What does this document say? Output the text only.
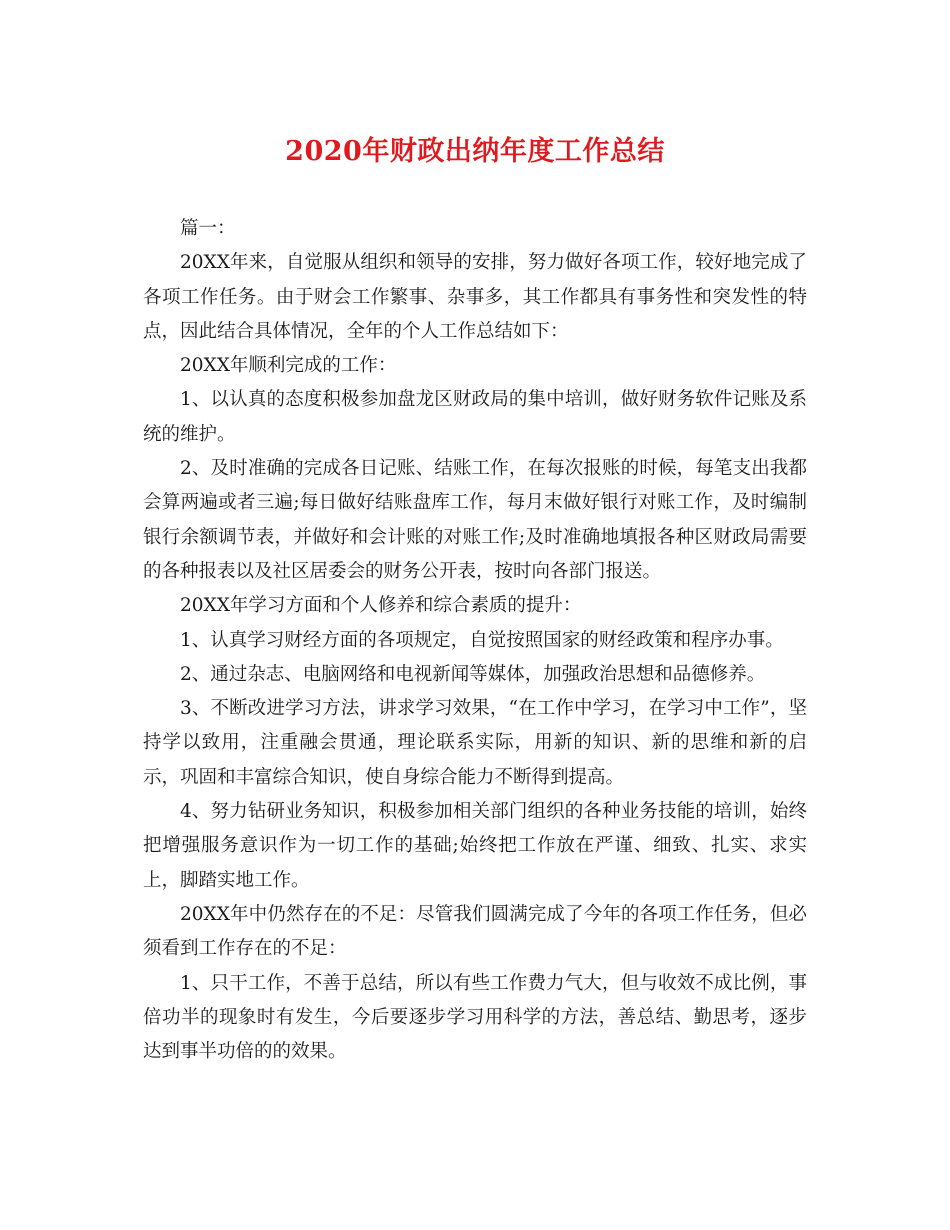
2020年财政出纳年度工作总结

篇一：

20XX年来，自觉服从组织和领导的安排，努力做好各项工作，较好地完成了各项工作任务。由于财会工作繁事、杂事多，其工作都具有事务性和突发性的特点，因此结合具体情况，全年的个人工作总结如下：

20XX年顺利完成的工作：

1、以认真的态度积极参加盘龙区财政局的集中培训，做好财务软件记账及系统的维护。

2、及时准确的完成各日记账、结账工作，在每次报账的时候，每笔支出我都会算两遍或者三遍;每日做好结账盘库工作，每月末做好银行对账工作，及时编制银行余额调节表，并做好和会计账的对账工作;及时准确地填报各种区财政局需要的各种报表以及社区居委会的财务公开表，按时向各部门报送。

20XX年学习方面和个人修养和综合素质的提升：

1、认真学习财经方面的各项规定，自觉按照国家的财经政策和程序办事。

2、通过杂志、电脑网络和电视新闻等媒体，加强政治思想和品德修养。

3、不断改进学习方法，讲求学习效果，“在工作中学习，在学习中工作”，坚持学以致用，注重融会贯通，理论联系实际，用新的知识、新的思维和新的启示，巩固和丰富综合知识，使自身综合能力不断得到提高。

4、努力钻研业务知识，积极参加相关部门组织的各种业务技能的培训，始终把增强服务意识作为一切工作的基础;始终把工作放在严谨、细致、扎实、求实上，脚踏实地工作。

20XX年中仍然存在的不足：尽管我们圆满完成了今年的各项工作任务，但必须看到工作存在的不足：

1、只干工作，不善于总结，所以有些工作费力气大，但与收效不成比例，事倍功半的现象时有发生，今后要逐步学习用科学的方法，善总结、勤思考，逐步达到事半功倍的的效果。
